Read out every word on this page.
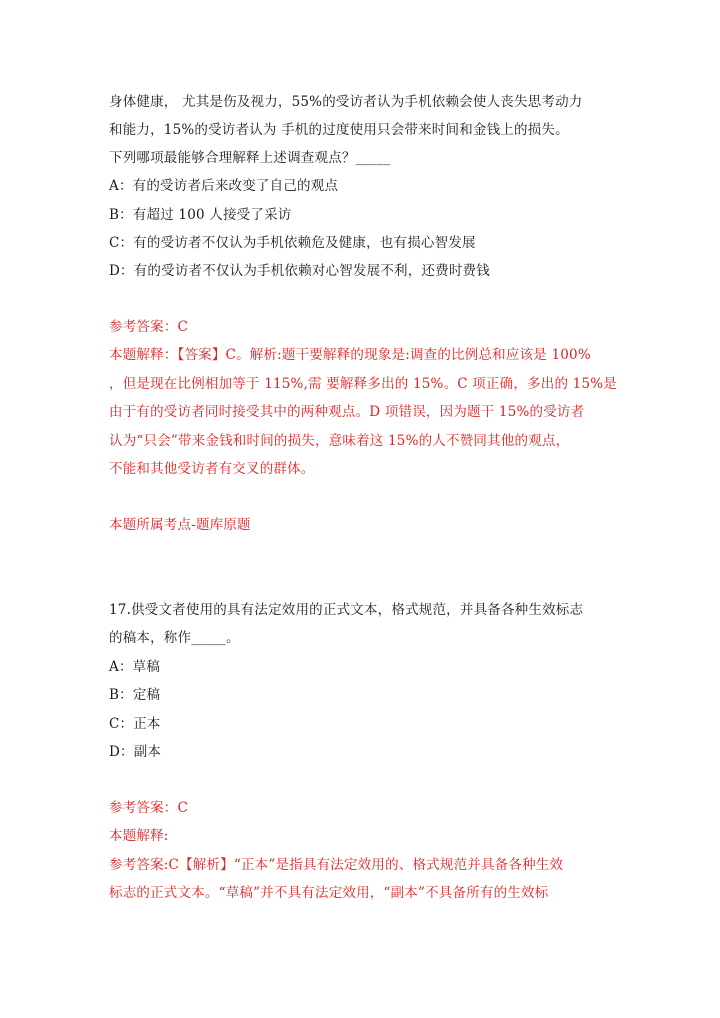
身体健康， 尤其是伤及视力，55%的受访者认为手机依赖会使人丧失思考动力
和能力，15%的受访者认为 手机的过度使用只会带来时间和金钱上的损失。
下列哪项最能够合理解释上述调查观点？_____
A：有的受访者后来改变了自己的观点
B：有超过 100 人接受了采访
C：有的受访者不仅认为手机依赖危及健康，也有损心智发展
D：有的受访者不仅认为手机依赖对心智发展不利，还费时费钱
参考答案：C
本题解释：【答案】C。解析:题干要解释的现象是:调查的比例总和应该是 100%
，但是现在比例相加等于 115%,需 要解释多出的 15%。C 项正确，多出的 15%是
由于有的受访者同时接受其中的两种观点。D 项错误，因为题干 15%的受访者
认为“只会”带来金钱和时间的损失，意味着这 15%的人不赞同其他的观点，
不能和其他受访者有交叉的群体。
本题所属考点-题库原题
17.供受文者使用的具有法定效用的正式文本，格式规范，并具备各种生效标志
的稿本，称作_____。
A：草稿
B：定稿
C：正本
D：副本
参考答案：C
本题解释:
参考答案:C【解析】“正本”是指具有法定效用的、格式规范并具备各种生效
标志的正式文本。“草稿”并不具有法定效用，“副本”不具备所有的生效标
